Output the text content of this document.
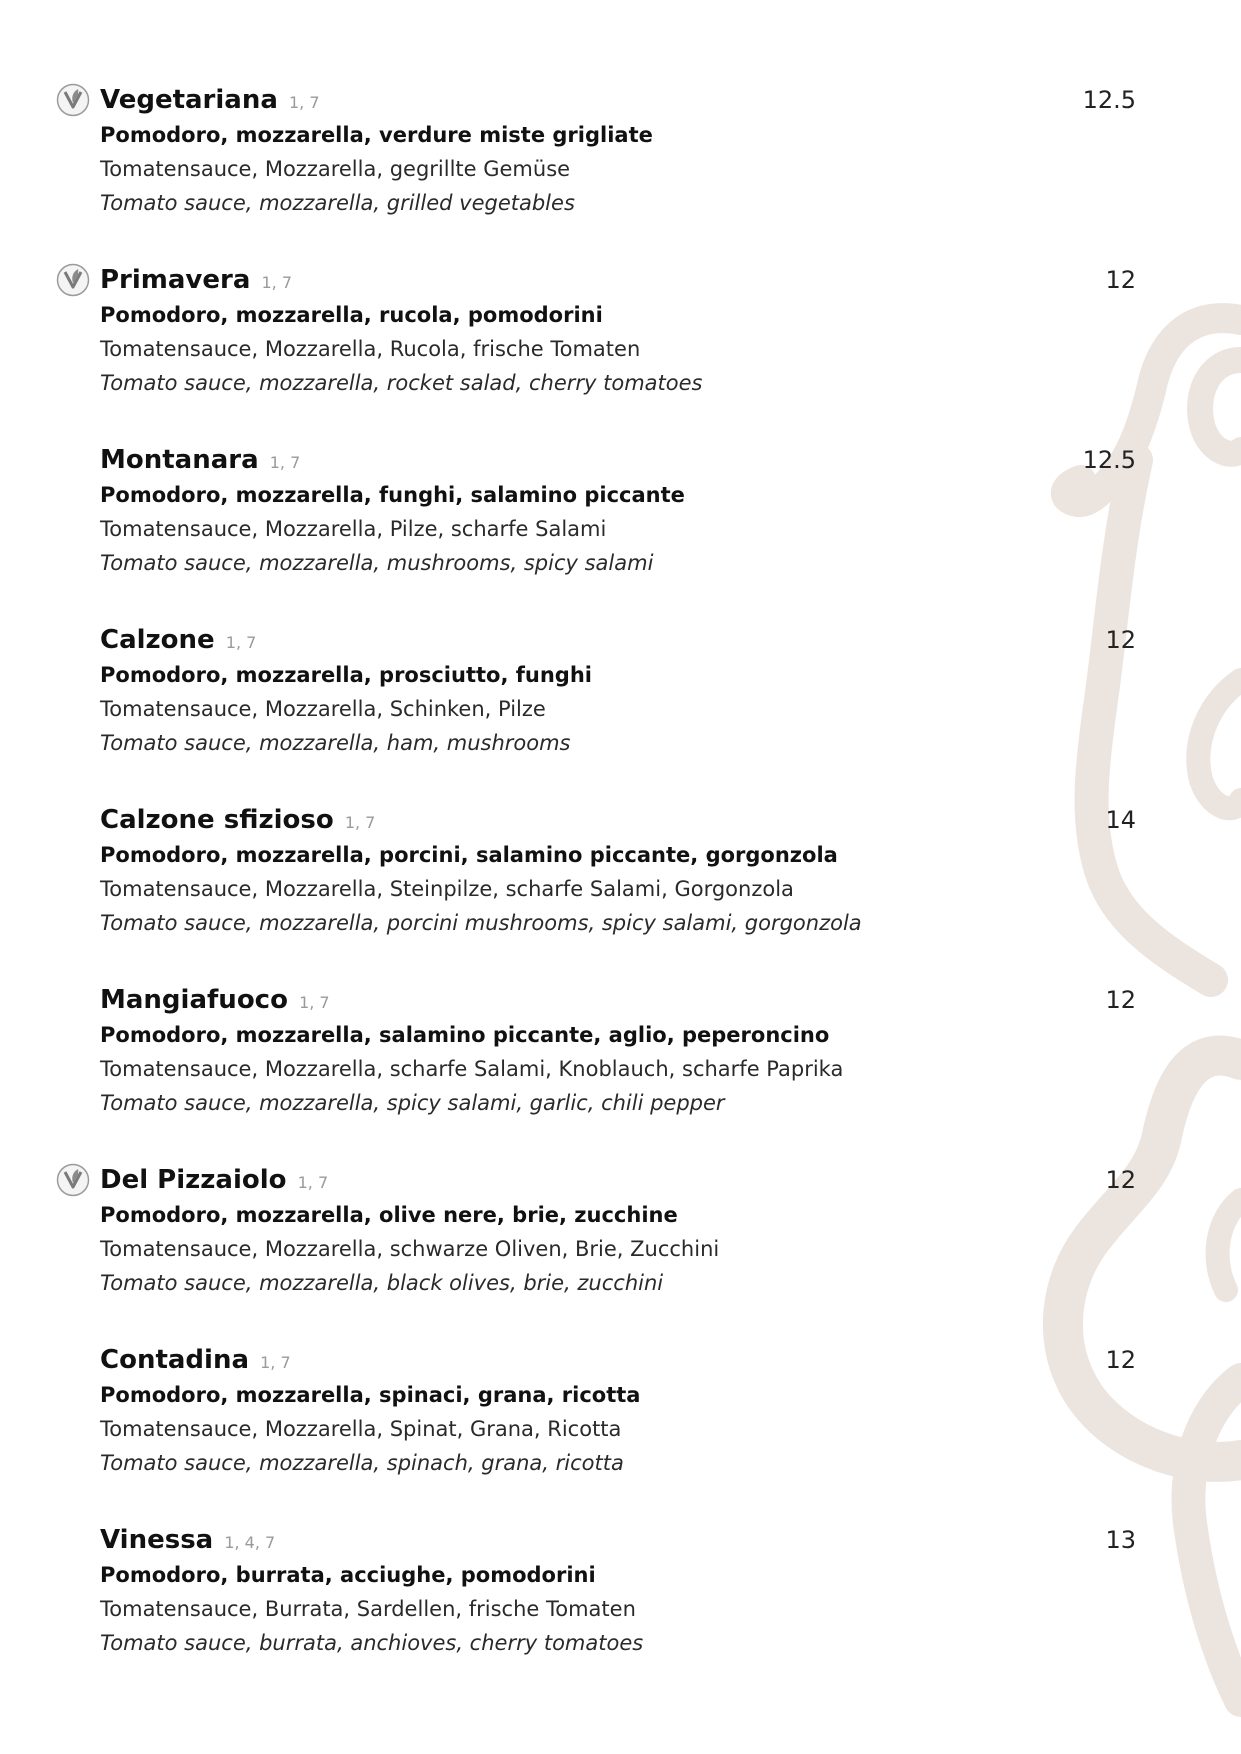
Vegetariana 1, 7	12.5
Pomodoro, mozzarella, verdure miste grigliate
Tomatensauce, Mozzarella, gegrillte Gemüse
Tomato sauce, mozzarella, grilled vegetables
Primavera 1, 7	12
Pomodoro, mozzarella, rucola, pomodorini
Tomatensauce, Mozzarella, Rucola, frische Tomaten
Tomato sauce, mozzarella, rocket salad, cherry tomatoes
Montanara 1, 7	12.5
Pomodoro, mozzarella, funghi, salamino piccante
Tomatensauce, Mozzarella, Pilze, scharfe Salami
Tomato sauce, mozzarella, mushrooms, spicy salami
Calzone 1, 7	12
Pomodoro, mozzarella, prosciutto, funghi
Tomatensauce, Mozzarella, Schinken, Pilze
Tomato sauce, mozzarella, ham, mushrooms
Calzone sfizioso 1, 7	14
Pomodoro, mozzarella, porcini, salamino piccante, gorgonzola
Tomatensauce, Mozzarella, Steinpilze, scharfe Salami, Gorgonzola
Tomato sauce, mozzarella, porcini mushrooms, spicy salami, gorgonzola
Mangiafuoco 1, 7	12
Pomodoro, mozzarella, salamino piccante, aglio, peperoncino
Tomatensauce, Mozzarella, scharfe Salami, Knoblauch, scharfe Paprika
Tomato sauce, mozzarella, spicy salami, garlic, chili pepper
Del Pizzaiolo 1, 7	12
Pomodoro, mozzarella, olive nere, brie, zucchine
Tomatensauce, Mozzarella, schwarze Oliven, Brie, Zucchini
Tomato sauce, mozzarella, black olives, brie, zucchini
Contadina 1, 7	12
Pomodoro, mozzarella, spinaci, grana, ricotta
Tomatensauce, Mozzarella, Spinat, Grana, Ricotta
Tomato sauce, mozzarella, spinach, grana, ricotta
Vinessa 1, 4, 7	13
Pomodoro, burrata, acciughe, pomodorini
Tomatensauce, Burrata, Sardellen, frische Tomaten
Tomato sauce, burrata, anchioves, cherry tomatoes
